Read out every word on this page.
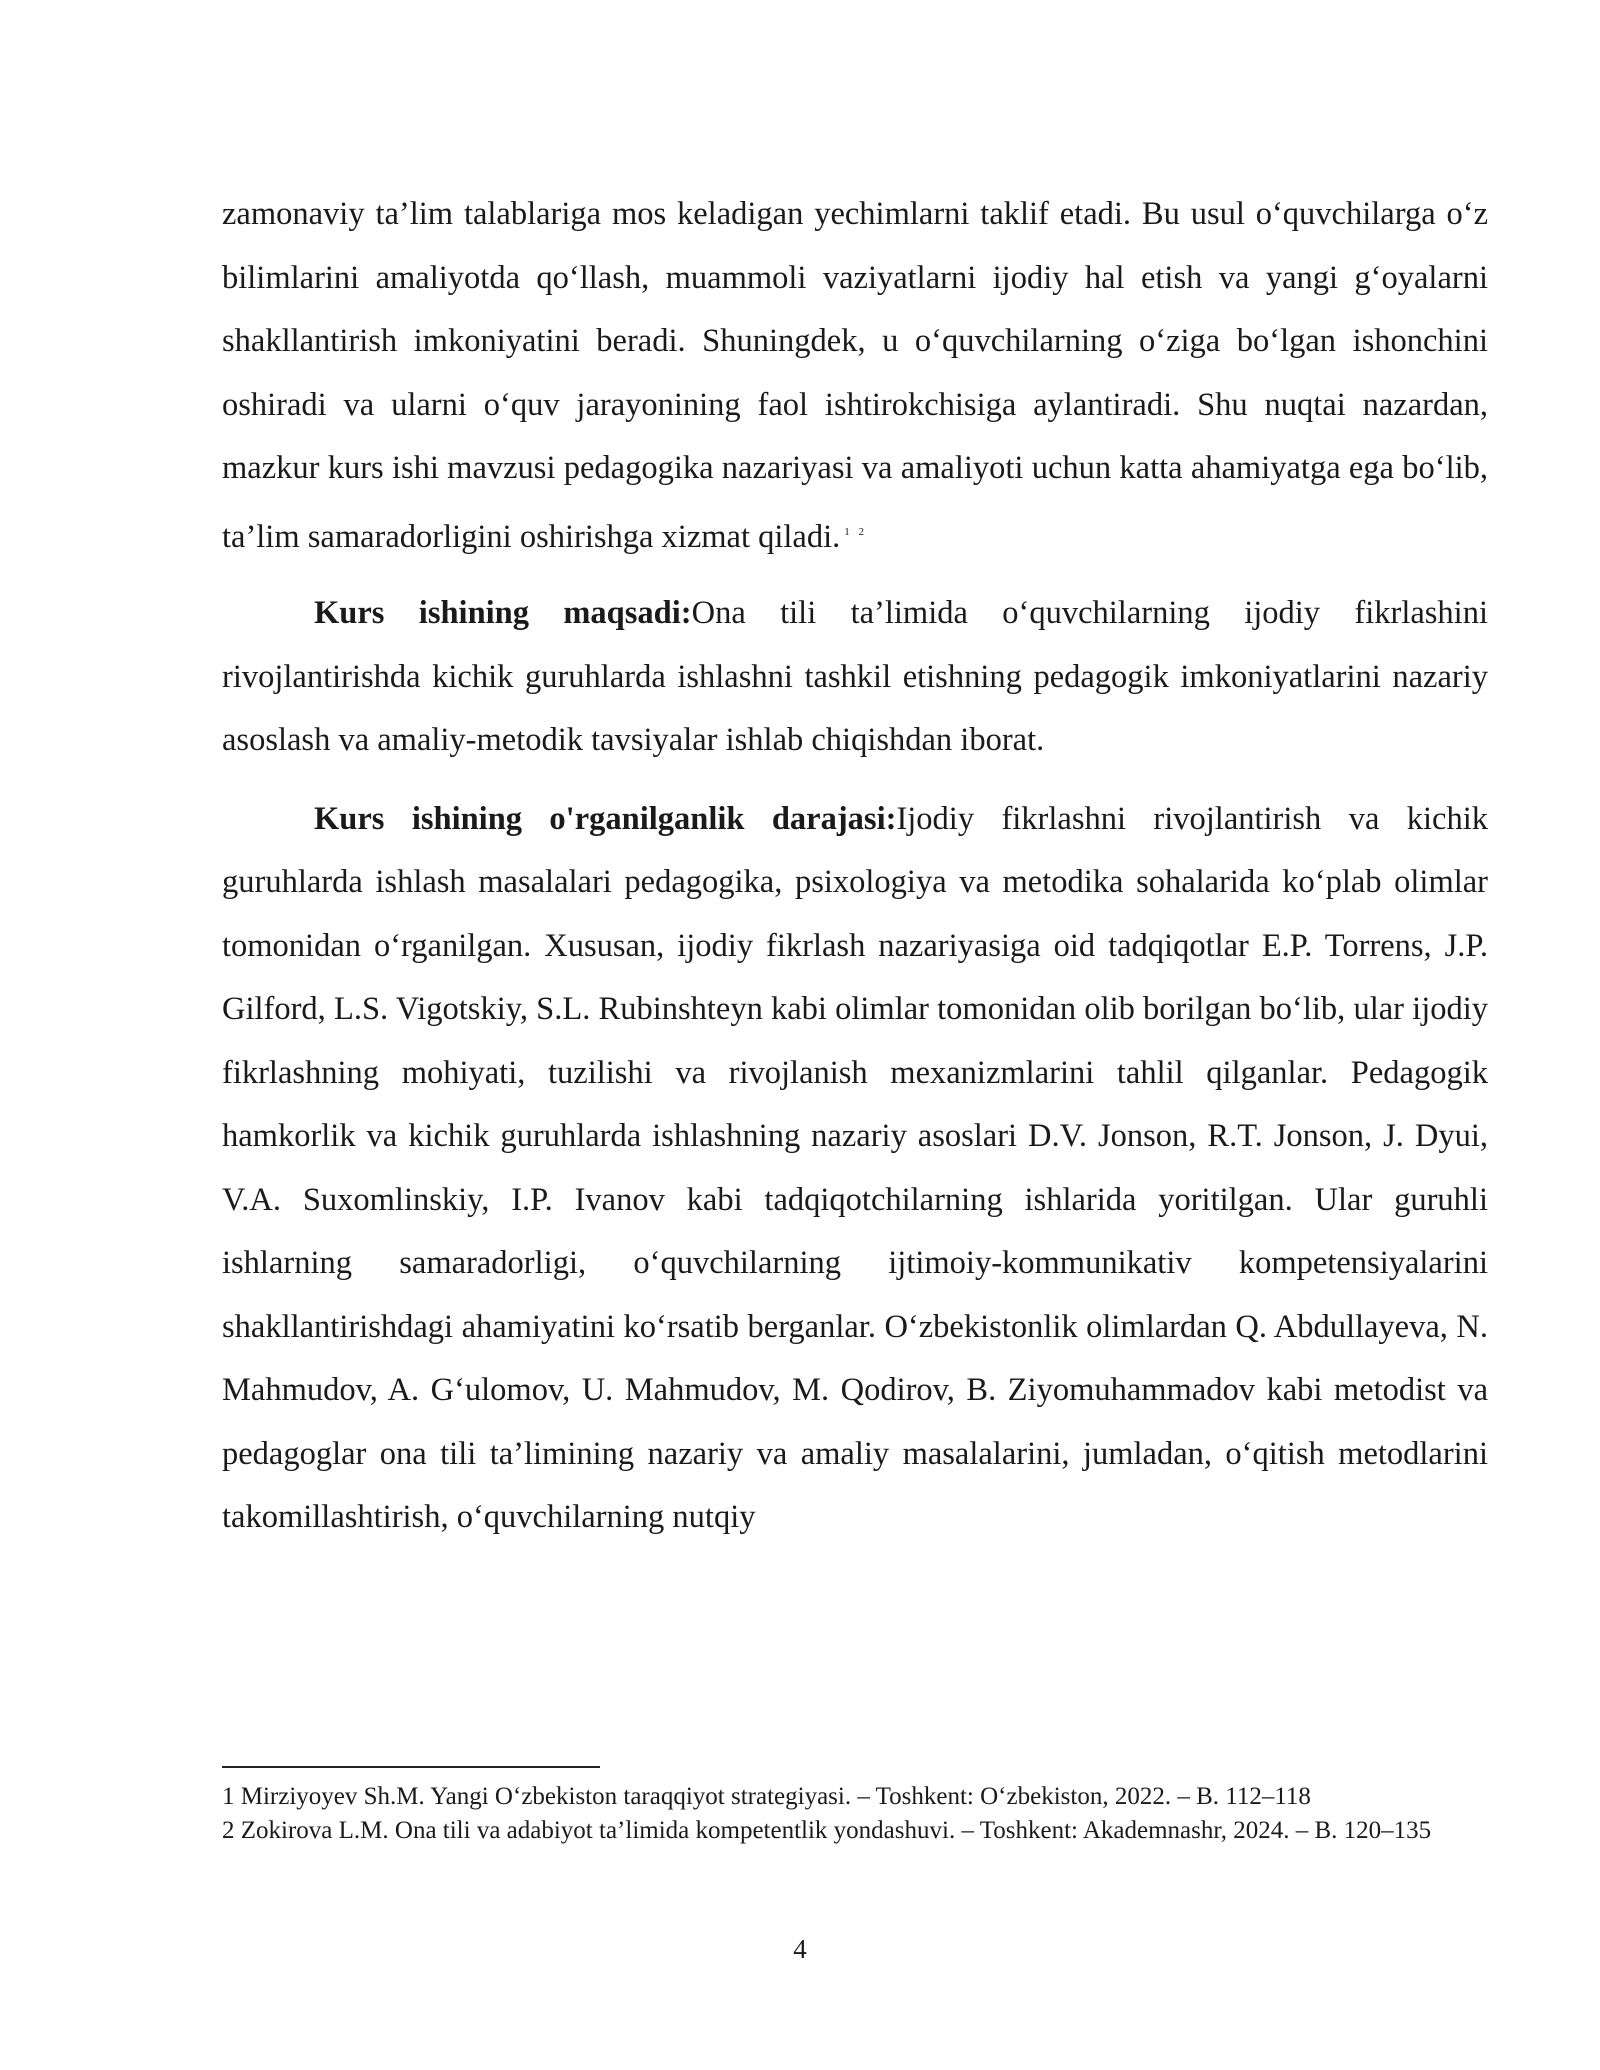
zamonaviy ta’lim talablariga mos keladigan yechimlarni taklif etadi. Bu usul o‘quvchilarga o‘z bilimlarini amaliyotda qo‘llash, muammoli vaziyatlarni ijodiy hal etish va yangi g‘oyalarni shakllantirish imkoniyatini beradi. Shuningdek, u o‘quvchilarning o‘ziga bo‘lgan ishonchini oshiradi va ularni o‘quv jarayonining faol ishtirokchisiga aylantiradi. Shu nuqtai nazardan, mazkur kurs ishi mavzusi pedagogika nazariyasi va amaliyoti uchun katta ahamiyatga ega bo‘lib, ta’lim samaradorligini oshirishga xizmat qiladi. $^{1 2}$

Kurs ishining maqsadi:Ona tili ta’limida o‘quvchilarning ijodiy fikrlashini rivojlantirishda kichik guruhlarda ishlashni tashkil etishning pedagogik imkoniyatlarini nazariy asoslash va amaliy-metodik tavsiyalar ishlab chiqishdan iborat.

Kurs ishining o'rganilganlik darajasi:Ijodiy fikrlashni rivojlantirish va kichik guruhlarda ishlash masalalari pedagogika, psixologiya va metodika sohalarida ko‘plab olimlar tomonidan o‘rganilgan. Xususan, ijodiy fikrlash nazariyasiga oid tadqiqotlar E.P. Torrens, J.P. Gilford, L.S. Vigotskiy, S.L. Rubinshteyn kabi olimlar tomonidan olib borilgan bo‘lib, ular ijodiy fikrlashning mohiyati, tuzilishi va rivojlanish mexanizmlarini tahlil qilganlar. Pedagogik hamkorlik va kichik guruhlarda ishlashning nazariy asoslari D.V. Jonson, R.T. Jonson, J. Dyui, V.A. Suxomlinskiy, I.P. Ivanov kabi tadqiqotchilarning ishlarida yoritilgan. Ular guruhli ishlarning samaradorligi, o‘quvchilarning ijtimoiy-kommunikativ kompetensiyalarini shakllantirishdagi ahamiyatini ko‘rsatib berganlar. O‘zbekistonlik olimlardan Q. Abdullayeva, N. Mahmudov, A. G‘ulomov, U. Mahmudov, M. Qodirov, B. Ziyomuhammadov kabi metodist va pedagoglar ona tili ta’limining nazariy va amaliy masalalarini, jumladan, o‘qitish metodlarini takomillashtirish, o‘quvchilarning nutqiy

1 Mirziyoyev Sh.M. Yangi O‘zbekiston taraqqiyot strategiyasi. – Toshkent: O‘zbekiston, 2022. – B. 112–118

2 Zokirova L.M. Ona tili va adabiyot ta’limida kompetentlik yondashuvi. – Toshkent: Akademnashr, 2024. – B. 120–135

4
